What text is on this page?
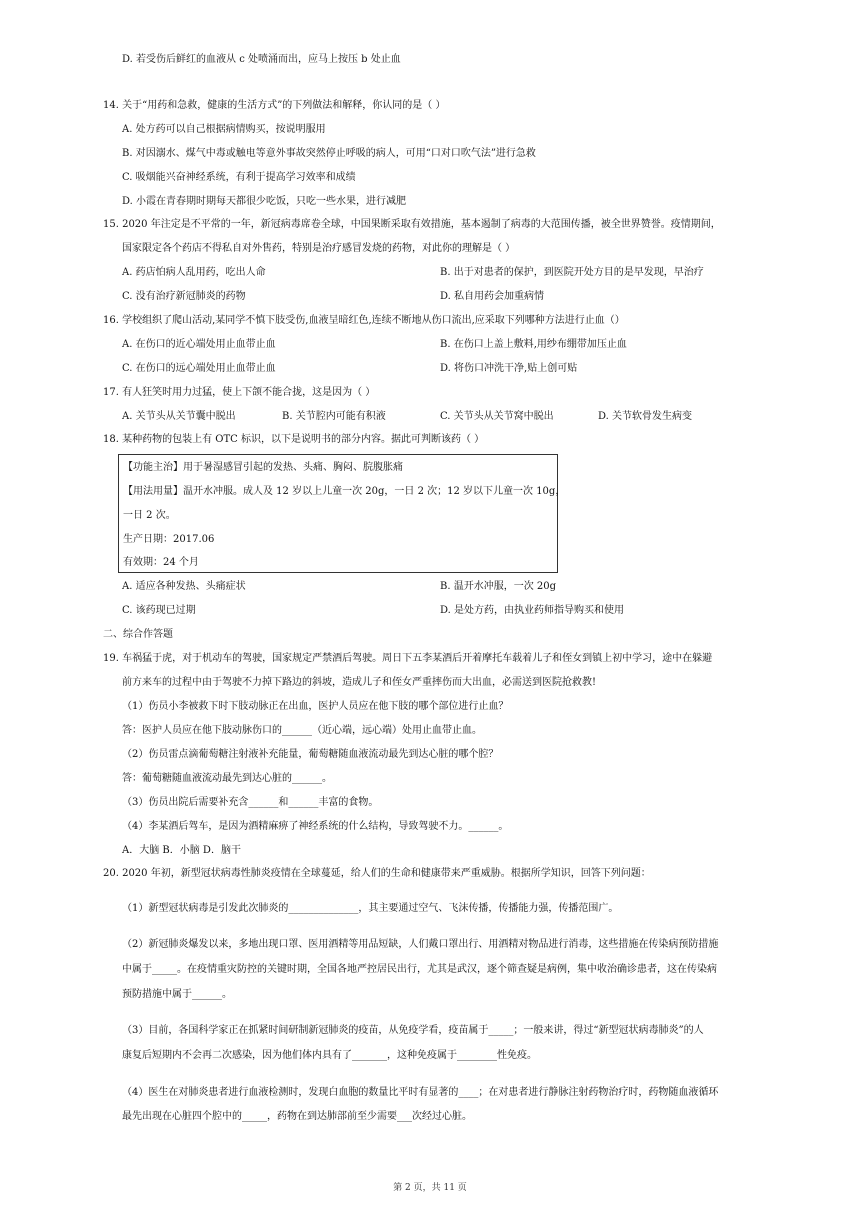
D. 若受伤后鲜红的血液从 c 处喷涌而出，应马上按压 b 处止血
14. 关于“用药和急救，健康的生活方式”的下列做法和解释，你认同的是（ ）
A. 处方药可以自己根据病情购买，按说明服用
B. 对因溺水、煤气中毒或触电等意外事故突然停止呼吸的病人，可用“口对口吹气法”进行急救
C. 吸烟能兴奋神经系统，有利于提高学习效率和成绩
D. 小霞在青春期时期每天都很少吃饭，只吃一些水果，进行减肥
15. 2020 年注定是不平常的一年，新冠病毒席卷全球，中国果断采取有效措施，基本遏制了病毒的大范围传播，被全世界赞誉。疫情期间，
国家限定各个药店不得私自对外售药，特别是治疗感冒发烧的药物，对此你的理解是（ ）
A. 药店怕病人乱用药，吃出人命	B. 出于对患者的保护，到医院开处方目的是早发现，早治疗
C. 没有治疗新冠肺炎的药物	D. 私自用药会加重病情
16. 学校组织了爬山活动,某同学不慎下肢受伤,血液呈暗红色,连续不断地从伤口流出,应采取下列哪种方法进行止血（）
A. 在伤口的近心端处用止血带止血	B. 在伤口上盖上敷料,用纱布绷带加压止血
C. 在伤口的远心端处用止血带止血	D. 将伤口冲洗干净,贴上创可贴
17. 有人狂笑时用力过猛，使上下颌不能合拢，这是因为（ ）
A. 关节头从关节囊中脱出	B. 关节腔内可能有积液	C. 关节头从关节窝中脱出	D. 关节软骨发生病变
18. 某种药物的包装上有 OTC 标识，以下是说明书的部分内容。据此可判断该药（ ）
【功能主治】用于暑湿感冒引起的发热、头痛、胸闷、脘腹胀痛
【用法用量】温开水冲服。成人及 12 岁以上儿童一次 20g，一日 2 次；12 岁以下儿童一次 10g，
一日 2 次。
生产日期：2017.06
有效期：24 个月
A. 适应各种发热、头痛症状	B. 温开水冲服，一次 20g
C. 该药现已过期	D. 是处方药，由执业药师指导购买和使用
二、综合作答题
19. 车祸猛于虎，对于机动车的驾驶，国家规定严禁酒后驾驶。周日下五李某酒后开着摩托车载着儿子和侄女到镇上初中学习，途中在躲避
前方来车的过程中由于驾驶不力掉下路边的斜坡，造成儿子和侄女严重摔伤而大出血，必需送到医院抢救教!
（1）伤员小李被救下时下肢动脉正在出血，医护人员应在他下肢的哪个部位进行止血？
答：医护人员应在他下肢动脉伤口的______（近心端，远心端）处用止血带止血。
（2）伤员雷点滴葡萄糖注射液补充能量，葡萄糖随血液流动最先到达心脏的哪个腔？
答：葡萄糖随血液流动最先到达心脏的______。
（3）伤员出院后需要补充含______和______丰富的食物。
（4）李某酒后驾车，是因为酒精麻痹了神经系统的什么结构，导致驾驶不力。______。
A．大脑 B．小脑 D．脑干
20. 2020 年初，新型冠状病毒性肺炎疫情在全球蔓延，给人们的生命和健康带来严重威胁。根据所学知识，回答下列问题：
（1）新型冠状病毒是引发此次肺炎的______________，其主要通过空气、飞沫传播，传播能力强，传播范围广。
（2）新冠肺炎爆发以来，多地出现口罩、医用酒精等用品短缺，人们戴口罩出行、用酒精对物品进行消毒，这些措施在传染病预防措施
中属于_____。在疫情重灾防控的关键时期，全国各地严控居民出行，尤其是武汉，逐个筛查疑是病例，集中收治确诊患者，这在传染病
预防措施中属于______。
（3）目前，各国科学家正在抓紧时间研制新冠肺炎的疫苗，从免疫学看，疫苗属于_____；一般来讲，得过“新型冠状病毒肺炎”的人
康复后短期内不会再二次感染，因为他们体内具有了_______，这种免疫属于________性免疫。
（4）医生在对肺炎患者进行血液检测时，发现白血胞的数量比平时有显著的____；在对患者进行静脉注射药物治疗时，药物随血液循环
最先出现在心脏四个腔中的_____，药物在到达肺部前至少需要___次经过心脏。
第 2 页，共 11 页
